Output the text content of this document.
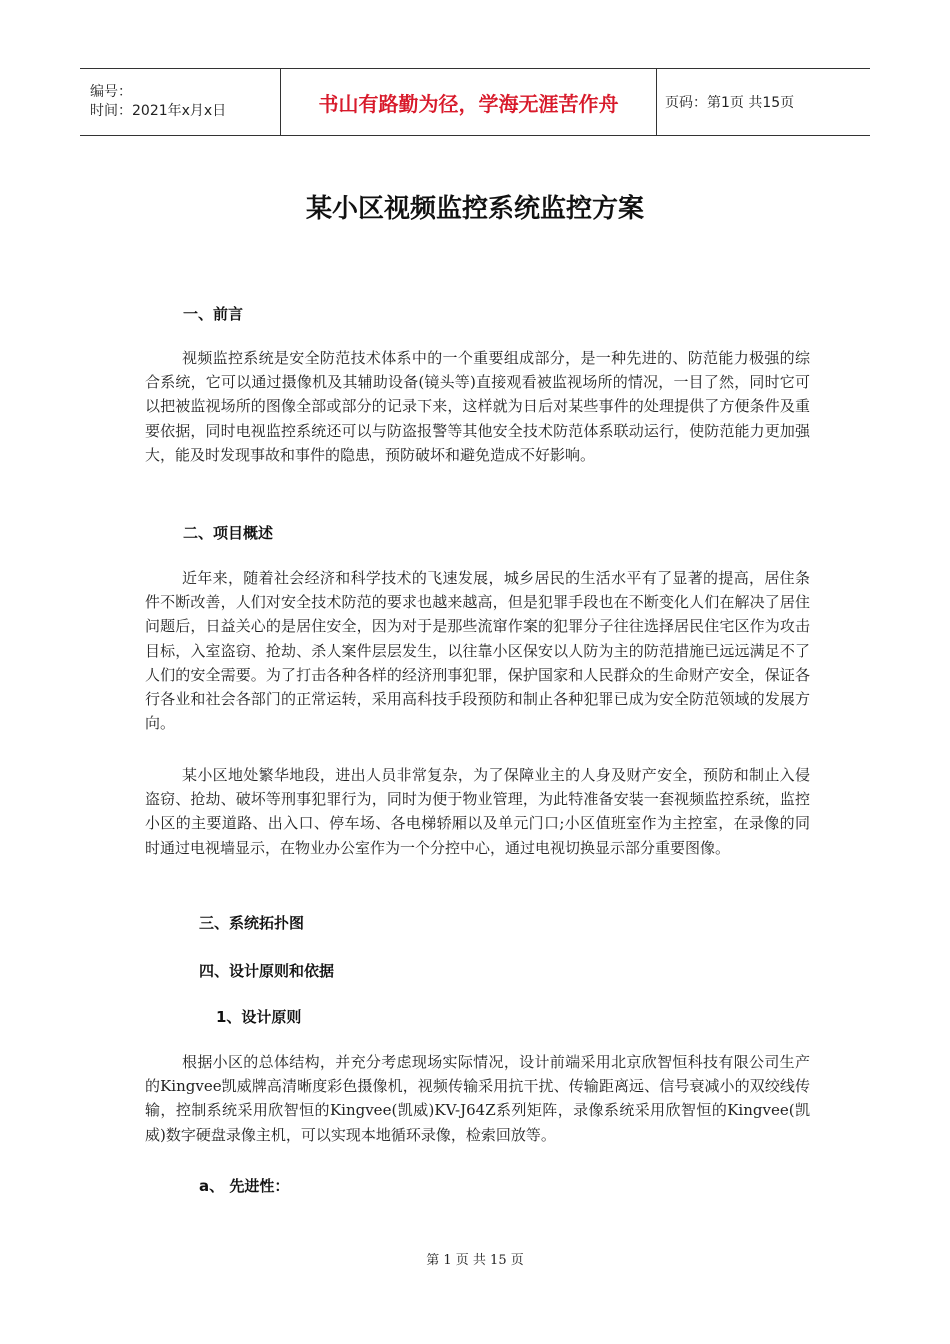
编号：
时间：2021年x月x日	书山有路勤为径，学海无涯苦作舟	页码：第1页 共15页
某小区视频监控系统监控方案
一、前言

视频监控系统是安全防范技术体系中的一个重要组成部分，是一种先进的、防范能力极强的综合系统，它可以通过摄像机及其辅助设备(镜头等)直接观看被监视场所的情况，一目了然，同时它可以把被监视场所的图像全部或部分的记录下来，这样就为日后对某些事件的处理提供了方便条件及重要依据，同时电视监控系统还可以与防盗报警等其他安全技术防范体系联动运行，使防范能力更加强大，能及时发现事故和事件的隐患，预防破坏和避免造成不好影响。

二、项目概述

近年来，随着社会经济和科学技术的飞速发展，城乡居民的生活水平有了显著的提高，居住条件不断改善，人们对安全技术防范的要求也越来越高，但是犯罪手段也在不断变化人们在解决了居住问题后，日益关心的是居住安全，因为对于是那些流窜作案的犯罪分子往往选择居民住宅区作为攻击目标，入室盗窃、抢劫、杀人案件层层发生，以往靠小区保安以人防为主的防范措施已远远满足不了人们的安全需要。为了打击各种各样的经济刑事犯罪，保护国家和人民群众的生命财产安全，保证各行各业和社会各部门的正常运转，采用高科技手段预防和制止各种犯罪已成为安全防范领域的发展方向。

某小区地处繁华地段，进出人员非常复杂，为了保障业主的人身及财产安全，预防和制止入侵盗窃、抢劫、破坏等刑事犯罪行为，同时为便于物业管理，为此特准备安装一套视频监控系统，监控小区的主要道路、出入口、停车场、各电梯轿厢以及单元门口;小区值班室作为主控室，在录像的同时通过电视墙显示，在物业办公室作为一个分控中心，通过电视切换显示部分重要图像。

三、系统拓扑图
四、设计原则和依据
1、设计原则

根据小区的总体结构，并充分考虑现场实际情况，设计前端采用北京欣智恒科技有限公司生产的Kingvee凯威牌高清晰度彩色摄像机，视频传输采用抗干扰、传输距离远、信号衰减小的双绞线传输，控制系统采用欣智恒的Kingvee(凯威)KV-J64Z系列矩阵，录像系统采用欣智恒的Kingvee(凯威)数字硬盘录像主机，可以实现本地循环录像，检索回放等。

a、 先进性：
第 1 页 共 15 页
